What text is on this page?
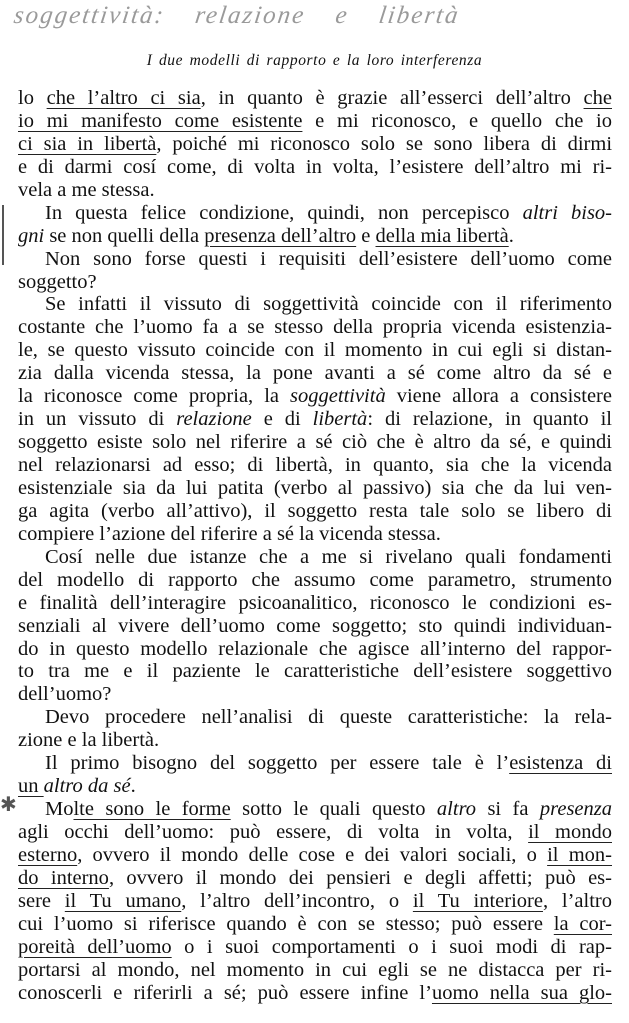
soggettività: relazione e libertà
I due modelli di rapporto e la loro interferenza
✱
lo che l’altro ci sia, in quanto è grazie all’esserci dell’altro che
io mi manifesto come esistente e mi riconosco, e quello che io
ci sia in libertà, poiché mi riconosco solo se sono libera di dirmi
e di darmi cosí come, di volta in volta, l’esistere dell’altro mi ri-
vela a me stessa.
In questa felice condizione, quindi, non percepisco altri biso-
gni se non quelli della presenza dell’altro e della mia libertà.
Non sono forse questi i requisiti dell’esistere dell’uomo come
soggetto?
Se infatti il vissuto di soggettività coincide con il riferimento
costante che l’uomo fa a se stesso della propria vicenda esistenzia-
le, se questo vissuto coincide con il momento in cui egli si distan-
zia dalla vicenda stessa, la pone avanti a sé come altro da sé e
la riconosce come propria, la soggettività viene allora a consistere
in un vissuto di relazione e di libertà: di relazione, in quanto il
soggetto esiste solo nel riferire a sé ciò che è altro da sé, e quindi
nel relazionarsi ad esso; di libertà, in quanto, sia che la vicenda
esistenziale sia da lui patita (verbo al passivo) sia che da lui ven-
ga agita (verbo all’attivo), il soggetto resta tale solo se libero di
compiere l’azione del riferire a sé la vicenda stessa.
Cosí nelle due istanze che a me si rivelano quali fondamenti
del modello di rapporto che assumo come parametro, strumento
e finalità dell’interagire psicoanalitico, riconosco le condizioni es-
senziali al vivere dell’uomo come soggetto; sto quindi individuan-
do in questo modello relazionale che agisce all’interno del rappor-
to tra me e il paziente le caratteristiche dell’esistere soggettivo
dell’uomo?
Devo procedere nell’analisi di queste caratteristiche: la rela-
zione e la libertà.
Il primo bisogno del soggetto per essere tale è l’esistenza di
un altro da sé.
Molte sono le forme sotto le quali questo altro si fa presenza
agli occhi dell’uomo: può essere, di volta in volta, il mondo
esterno, ovvero il mondo delle cose e dei valori sociali, o il mon-
do interno, ovvero il mondo dei pensieri e degli affetti; può es-
sere il Tu umano, l’altro dell’incontro, o il Tu interiore, l’altro
cui l’uomo si riferisce quando è con se stesso; può essere la cor-
poreità dell’uomo o i suoi comportamenti o i suoi modi di rap-
portarsi al mondo, nel momento in cui egli se ne distacca per ri-
conoscerli e riferirli a sé; può essere infine l’uomo nella sua glo-
